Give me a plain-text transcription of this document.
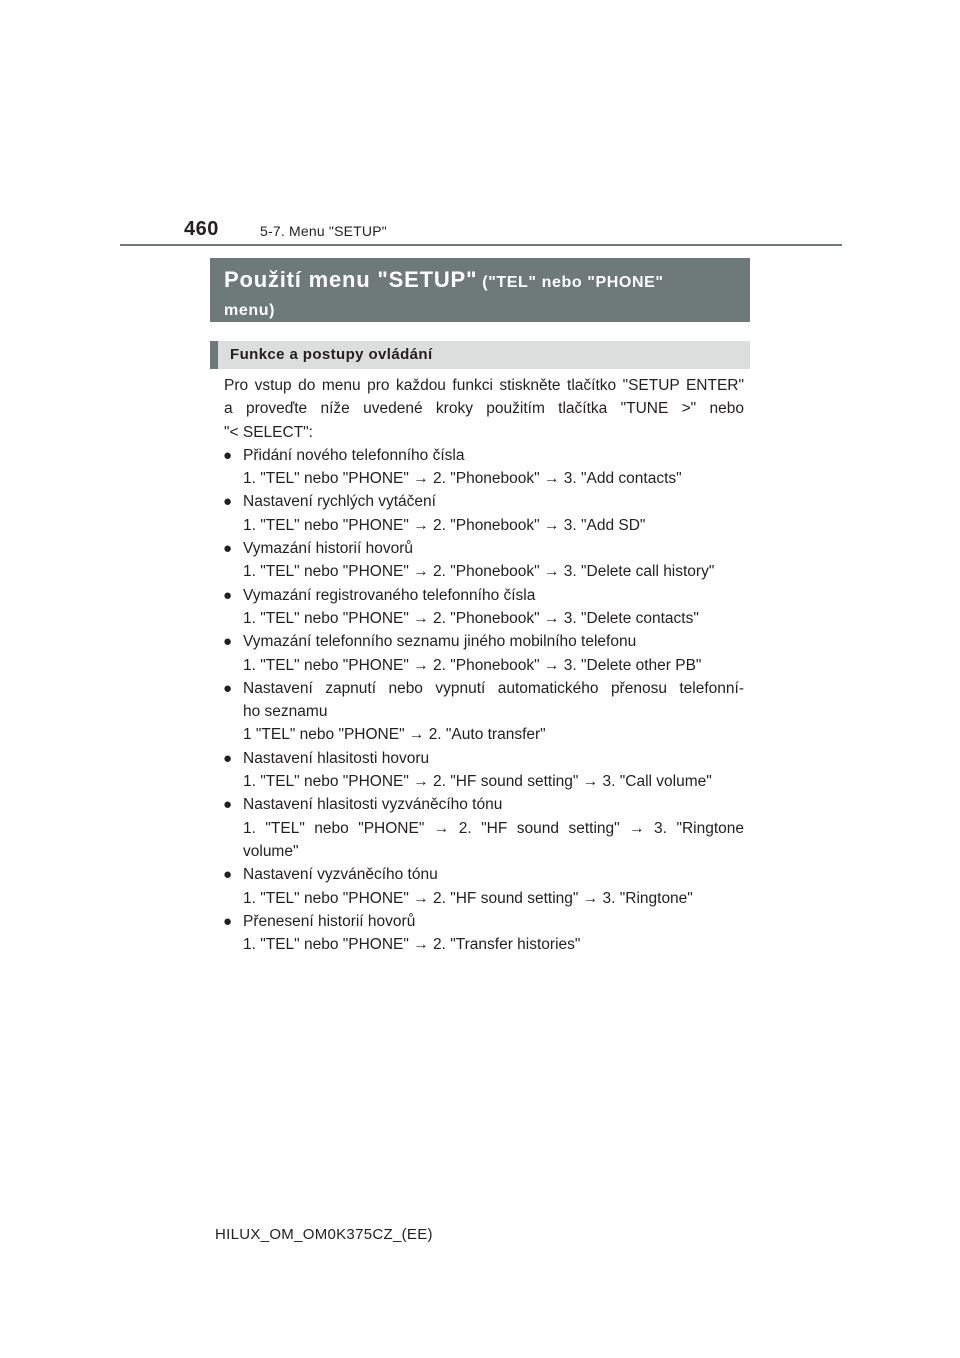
460	5-7. Menu "SETUP"
Použití menu "SETUP" ("TEL" nebo "PHONE"
menu)
Funkce a postupy ovládání

Pro vstup do menu pro každou funkci stiskněte tlačítko "SETUP ENTER"
a proveďte níže uvedené kroky použitím tlačítka "TUNE >" nebo
"< SELECT":

● Přidání nového telefonního čísla
1. "TEL" nebo "PHONE" → 2. "Phonebook" → 3. "Add contacts"
● Nastavení rychlých vytáčení
1. "TEL" nebo "PHONE" → 2. "Phonebook" → 3. "Add SD"
● Vymazání historií hovorů
1. "TEL" nebo "PHONE" → 2. "Phonebook" → 3. "Delete call history"
● Vymazání registrovaného telefonního čísla
1. "TEL" nebo "PHONE" → 2. "Phonebook" → 3. "Delete contacts"
● Vymazání telefonního seznamu jiného mobilního telefonu
1. "TEL" nebo "PHONE" → 2. "Phonebook" → 3. "Delete other PB"
● Nastavení zapnutí nebo vypnutí automatického přenosu telefonní-
ho seznamu
1 "TEL" nebo "PHONE" → 2. "Auto transfer"
● Nastavení hlasitosti hovoru
1. "TEL" nebo "PHONE" → 2. "HF sound setting" → 3. "Call volume"
● Nastavení hlasitosti vyzváněcího tónu
1. "TEL" nebo "PHONE" → 2. "HF sound setting" → 3. "Ringtone
volume"
● Nastavení vyzváněcího tónu
1. "TEL" nebo "PHONE" → 2. "HF sound setting" → 3. "Ringtone"
● Přenesení historií hovorů
1. "TEL" nebo "PHONE" → 2. "Transfer histories"
HILUX_OM_OM0K375CZ_(EE)
